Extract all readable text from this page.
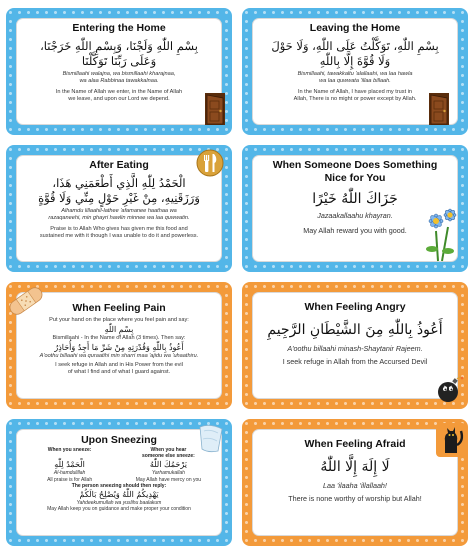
Entering the Home
بِسْمِ اللّٰهِ وَلَجْنَا، وَبِسْمِ اللّٰهِ خَرَجْنَا،
وَعَلَى رَبِّنَا تَوَكَّلْنَا
Bismillaahi walajna, wa bismillaahi kharajnaa,
wa alaa Rabbinaa tawakkalnaa.
In the Name of Allah we enter, in the Name of Allah
we leave, and upon our Lord we depend.
Leaving the Home
بِسْمِ اللّٰهِ، تَوَكَّلْتُ عَلَى اللّٰهِ، وَلَا حَوْلَ
وَلَا قُوَّةَ إِلَّا بِاللّٰهِ
Bismillaahi, tawakkaltu 'alallaahi, wa laa hawla
wa laa quwwata 'illaa billaah.
In the Name of Allah, I have placed my trust in
Allah, There is no might or power except by Allah.
After Eating
الْحَمْدُ لِلّٰهِ الَّذِي أَطْعَمَنِي هَذَا،
وَرَزَقَنِيهِ، مِنْ غَيْرِ حَوْلٍ مِنِّي وَلَا قُوَّةٍ
Alhamdu lillaahil-lathee 'afamanee haathaa wa
razaqaneehi, min ghayri hawlin minnee wa laa quwwatin.
Praise is to Allah Who gives has given me this food and
sustained me with it though I was unable to do it and powerless.
When Someone Does Something
Nice for You
جَزَاكَ اللّٰهُ خَيْرًا
Jazaakallaahu khayran.
May Allah reward you with good.
When Feeling Pain
Put your hand on the place where you feel pain and say:
بِسْمِ اللّٰهِ
Bismillaahi - In the Name of Allah (3 times). Then say:
أَعُوذُ بِاللّٰهِ وَقُدْرَتِهِ مِنْ شَرِّ مَا أَجِدُ وَأُحَاذِرُ
A'oothu billaahi wa quraatihi min sharri maa 'ajidu wa 'uhaathiru.
I seek refuge in Allah and in His Power from the evil
of what I find and of what I guard against.
When Feeling Angry
أَعُوذُ بِاللّٰهِ مِنَ الشَّيْطَانِ الرَّجِيمِ
A'oothu billaahi minash-Shaytanir Rajeem.
I seek refuge in Allah from the Accursed Devil
Upon Sneezing
When you sneeze:
الْحَمْدُ لِلّٰهِ
Al-hamdulillah
All praise is for Allah
When you hear
someone else sneeze:
يَرْحَمُكَ اللّٰهُ
Yarhamukallah
May Allah have mercy on you
The person sneezing should then reply:
يَهْدِيكُمُ اللّٰهُ وَيُصْلِحُ بَالَكُمْ
Yahdeekumullah wa yuslihu baalakum
May Allah keep you on guidance and make proper your condition
When Feeling Afraid
لَا إِلَهَ إِلَّا اللّٰهُ
Laa 'ilaaha 'illallaah!
There is none worthy of worship but Allah!
